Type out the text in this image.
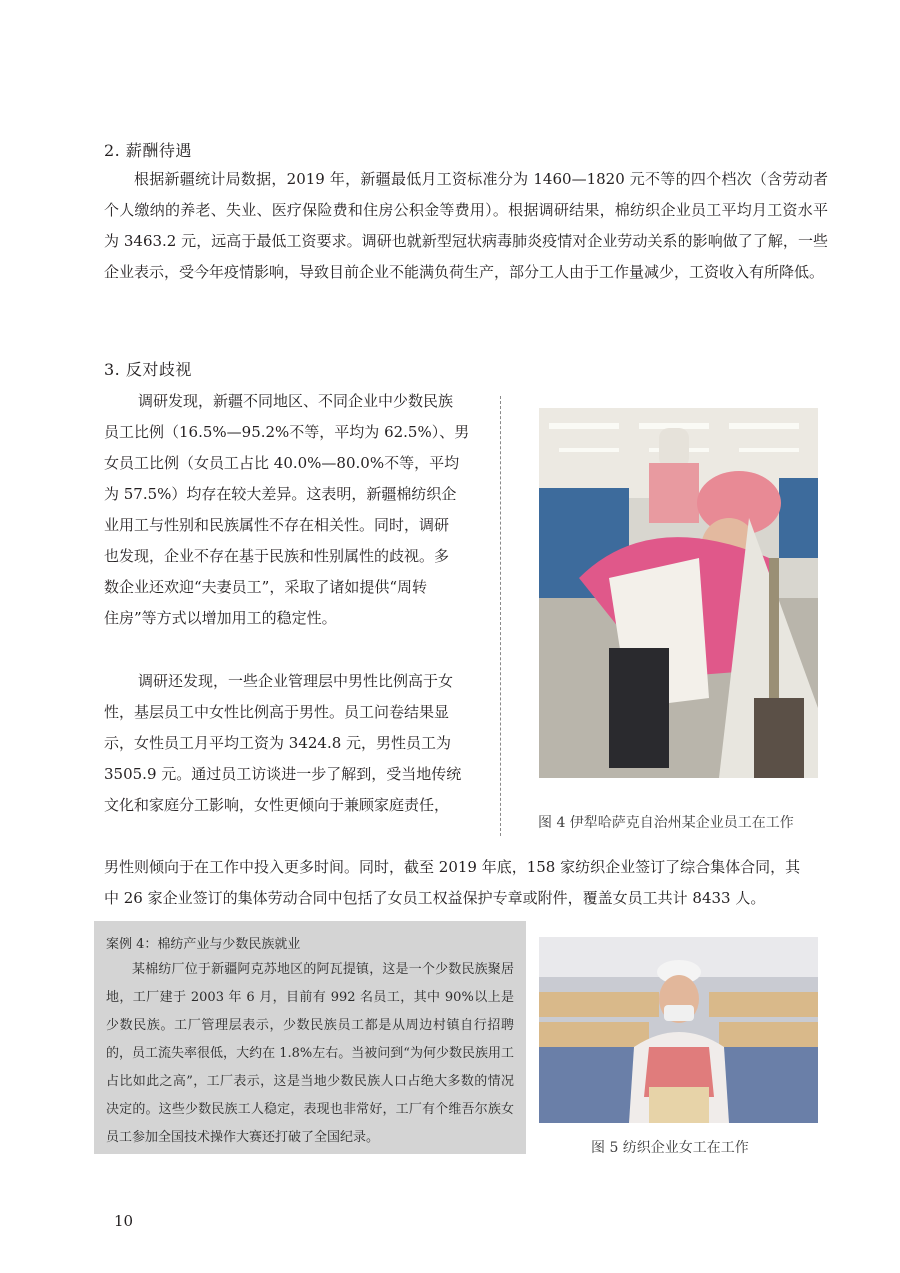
2. 薪酬待遇

根据新疆统计局数据，2019 年，新疆最低月工资标准分为 1460—1820 元不等的四个档次（含劳动者个人缴纳的养老、失业、医疗保险费和住房公积金等费用）。根据调研结果，棉纺织企业员工平均月工资水平为 3463.2 元，远高于最低工资要求。调研也就新型冠状病毒肺炎疫情对企业劳动关系的影响做了了解，一些企业表示，受今年疫情影响，导致目前企业不能满负荷生产，部分工人由于工作量减少，工资收入有所降低。

3. 反对歧视
调研发现，新疆不同地区、不同企业中少数民族
员工比例（16.5%—95.2%不等，平均为 62.5%）、男
女员工比例（女员工占比 40.0%—80.0%不等，平均
为 57.5%）均存在较大差异。这表明，新疆棉纺织企
业用工与性别和民族属性不存在相关性。同时，调研
也发现，企业不存在基于民族和性别属性的歧视。多
数企业还欢迎“夫妻员工”，采取了诸如提供“周转
住房”等方式以增加用工的稳定性。
调研还发现，一些企业管理层中男性比例高于女
性，基层员工中女性比例高于男性。员工问卷结果显
示，女性员工月平均工资为 3424.8 元，男性员工为
3505.9 元。通过员工访谈进一步了解到，受当地传统
文化和家庭分工影响，女性更倾向于兼顾家庭责任，
图 4 伊犁哈萨克自治州某企业员工在工作
男性则倾向于在工作中投入更多时间。同时，截至 2019 年底，158 家纺织企业签订了综合集体合同，其
中 26 家企业签订的集体劳动合同中包括了女员工权益保护专章或附件，覆盖女员工共计 8433 人。
案例 4：棉纺产业与少数民族就业

某棉纺厂位于新疆阿克苏地区的阿瓦提镇，这是一个少数民族聚居地，工厂建于 2003 年 6 月，目前有 992 名员工，其中 90%以上是少数民族。工厂管理层表示，少数民族员工都是从周边村镇自行招聘的，员工流失率很低，大约在 1.8%左右。当被问到“为何少数民族用工占比如此之高”，工厂表示，这是当地少数民族人口占绝大多数的情况决定的。这些少数民族工人稳定，表现也非常好，工厂有个维吾尔族女员工参加全国技术操作大赛还打破了全国纪录。

图 5 纺织企业女工在工作
10
